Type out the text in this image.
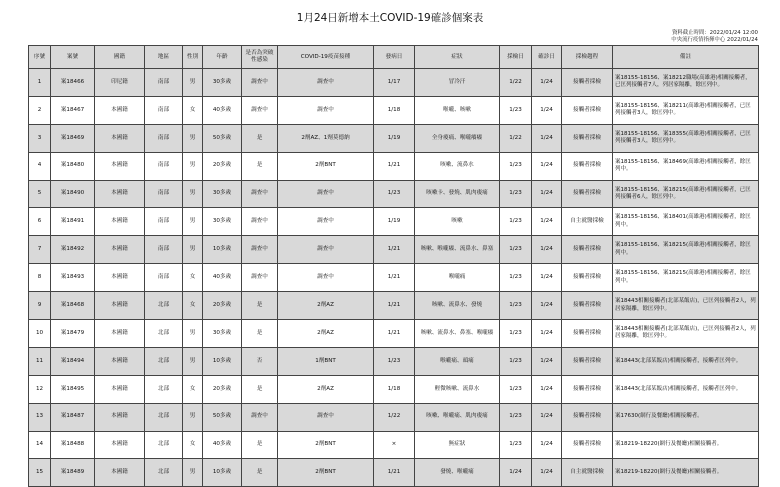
1月24日新增本土COVID-19確診個案表
資料截止時間：2022/01/24 12:00
中央流行疫情指揮中心 2022/01/24
序號	案號	國籍	地區	性別	年齡	是否為突破性感染	COVID-19疫苗接種	發病日	症狀	採檢日	確診日	採檢趨程	備註
1	案18466	印尼籍	南部	男	30多歲	調查中	調查中	1/17	冒冷汗	1/22	1/24	接觸者採檢	案18155-18156、案18212職場(高雄港)相關接觸者，已匡列接觸者7人，列居家隔離，餘匡列中。
2	案18467	本國籍	南部	女	40多歲	調查中	調查中	1/18	喉嚨、咳嗽	1/23	1/24	接觸者採檢	案18155-18156、案18211(高雄港)相關接觸者，已匡列接觸者3人，餘匡列中。
3	案18469	本國籍	南部	男	50多歲	是	2劑AZ、1劑莫德納	1/19	全身痠痛、喉嚨癢癢	1/22	1/24	接觸者採檢	案18155-18156、案18355(高雄港)相關接觸者，已匡列接觸者3人，餘匡列中。
4	案18480	本國籍	南部	男	20多歲	是	2劑BNT	1/21	咳嗽、流鼻水	1/23	1/24	接觸者採檢	案18155-18156、案18469(高雄港)相關接觸者，餘匡列中。
5	案18490	本國籍	南部	男	30多歲	調查中	調查中	1/23	咳嗽卡、發燒、肌肉痠痛	1/23	1/24	接觸者採檢	案18155-18156、案18215(高雄港)相關接觸者，已匡列接觸者6人，餘匡列中。
6	案18491	本國籍	南部	男	30多歲	調查中	調查中	1/19	咳嗽	1/23	1/24	自主就醫採檢	案18155-18156、案18401(高雄港)相關接觸者，餘匡列中。
7	案18492	本國籍	南部	男	10多歲	調查中	調查中	1/21	咳嗽、喉嚨癢、流鼻水、鼻塞	1/23	1/24	接觸者採檢	案18155-18156、案18215(高雄港)相關接觸者，餘匡列中。
8	案18493	本國籍	南部	女	40多歲	調查中	調查中	1/21	喉嚨痛	1/23	1/24	接觸者採檢	案18155-18156、案18215(高雄港)相關接觸者，餘匡列中。
9	案18468	本國籍	北部	女	20多歲	是	2劑AZ	1/21	咳嗽、流鼻水、發燒	1/23	1/24	接觸者採檢	案18443相關接觸者(北部某飯店)，已匡列接觸者2人，列居家隔離，餘匡列中。
10	案18479	本國籍	北部	男	30多歲	是	2劑AZ	1/21	咳嗽、流鼻水、鼻塞、喉嚨癢	1/23	1/24	接觸者採檢	案18443相關接觸者(北部某飯店)，已匡列接觸者2人，列居家隔離，餘匡列中。
11	案18494	本國籍	北部	男	10多歲	否	1劑BNT	1/23	喉嚨痛、頭痛	1/23	1/24	接觸者採檢	案18443(北部某飯店)相關接觸者，接觸者匡列中。
12	案18495	本國籍	北部	女	20多歲	是	2劑AZ	1/18	輕微咳嗽、流鼻水	1/23	1/24	接觸者採檢	案18443(北部某飯店)相關接觸者，接觸者匡列中。
13	案18487	本國籍	北部	男	50多歲	調查中	調查中	1/22	咳嗽、喉嚨痛、肌肉痠痛	1/23	1/24	接觸者採檢	案17630(網行及餐廳)相關接觸者。
14	案18488	本國籍	北部	女	40多歲	是	2劑BNT	×	無症狀	1/23	1/24	接觸者採檢	案18219-18220(網行及餐廳)相關接觸者。
15	案18489	本國籍	北部	男	10多歲	是	2劑BNT	1/21	發燒、喉嚨痛	1/24	1/24	自主就醫採檢	案18219-18220(網行及餐廳)相關接觸者。
